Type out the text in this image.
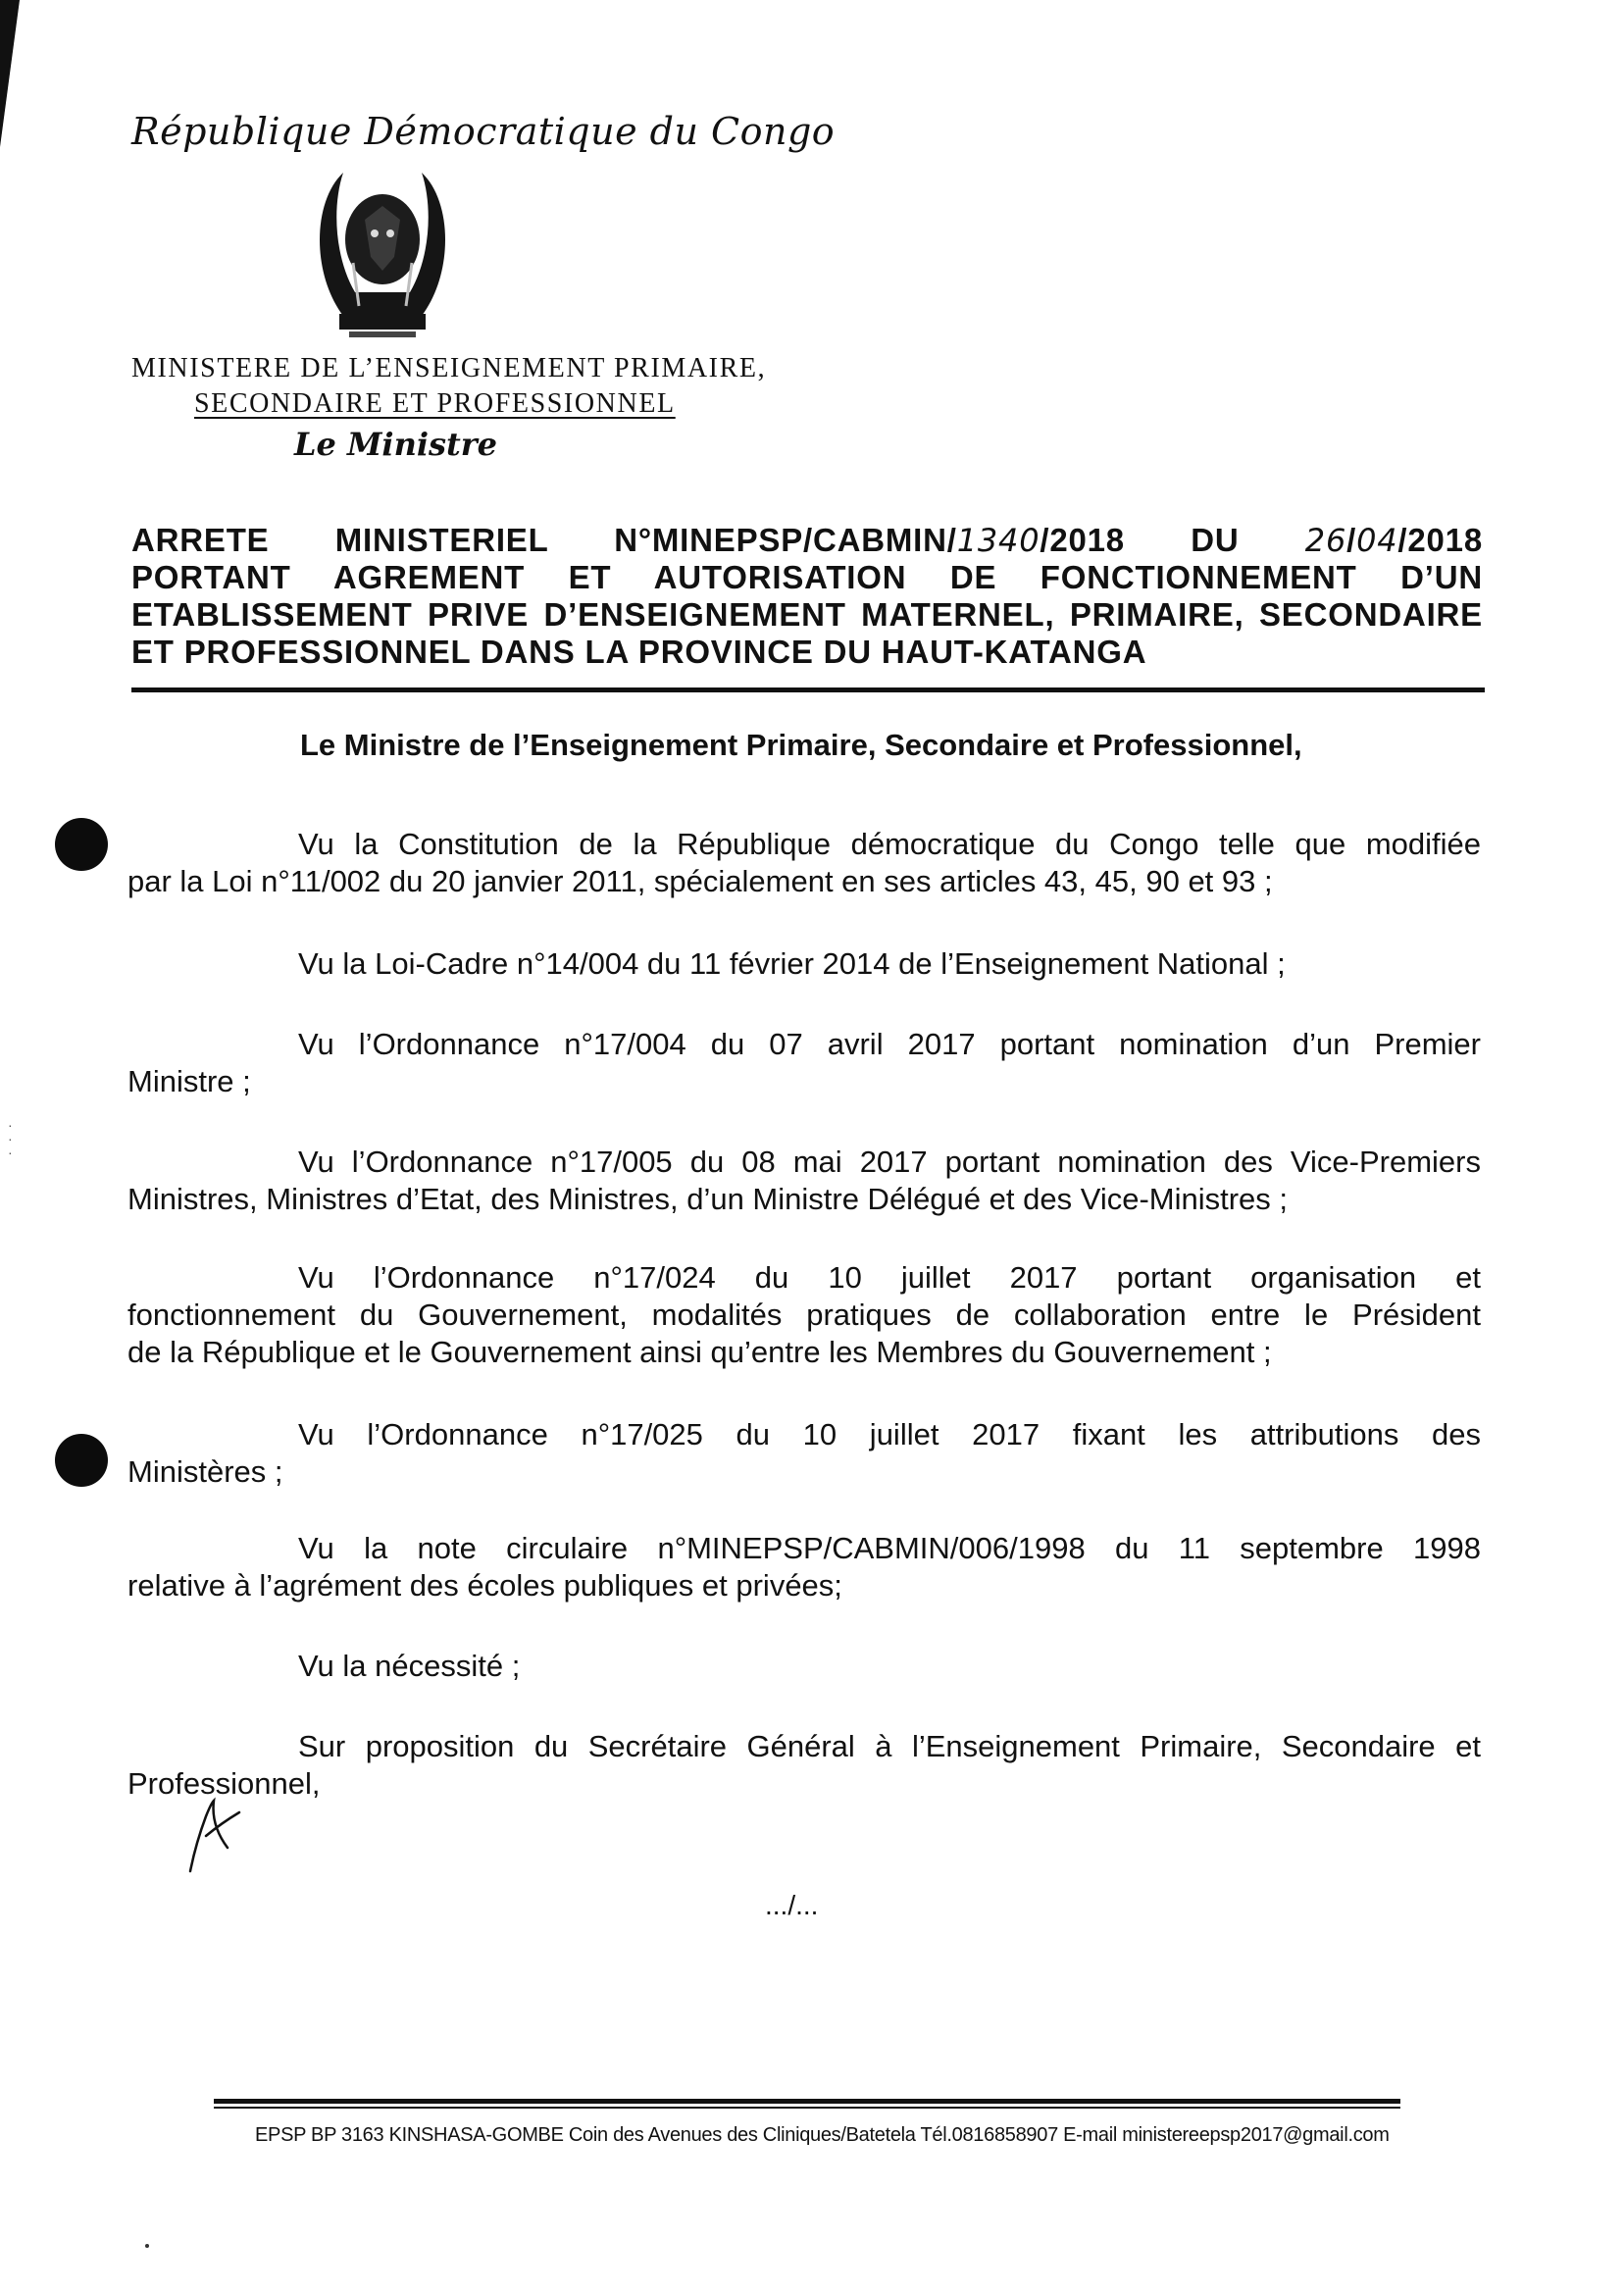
·
·
·
République Démocratique du Congo
MINISTERE DE L’ENSEIGNEMENT PRIMAIRE,
SECONDAIRE ET PROFESSIONNEL
Le Ministre
ARRETE MINISTERIEL N°MINEPSP/CABMIN/1340/2018 DU 26/04/2018
PORTANT AGREMENT ET AUTORISATION DE FONCTIONNEMENT D’UN
ETABLISSEMENT PRIVE D’ENSEIGNEMENT MATERNEL, PRIMAIRE, SECONDAIRE
ET PROFESSIONNEL DANS LA PROVINCE DU HAUT-KATANGA
Le Ministre de l’Enseignement Primaire, Secondaire et Professionnel,
Vu la Constitution de la République démocratique du Congo telle que modifiée
par la Loi n°11/002 du 20 janvier 2011, spécialement en ses articles 43, 45, 90 et 93 ;
Vu la Loi-Cadre n°14/004 du 11 février 2014 de l’Enseignement National ;
Vu l’Ordonnance n°17/004 du 07 avril 2017 portant nomination d’un Premier
Ministre ;
Vu l’Ordonnance n°17/005 du 08 mai 2017 portant nomination des Vice-Premiers
Ministres, Ministres d’Etat, des Ministres, d’un Ministre Délégué et des Vice-Ministres ;
Vu l’Ordonnance n°17/024 du 10 juillet 2017 portant organisation et
fonctionnement du Gouvernement, modalités pratiques de collaboration entre le Président
de la République et le Gouvernement ainsi qu’entre les Membres du Gouvernement ;
Vu l’Ordonnance n°17/025 du 10 juillet 2017 fixant les attributions des
Ministères ;
Vu la note circulaire n°MINEPSP/CABMIN/006/1998 du 11 septembre 1998
relative à l’agrément des écoles publiques et privées;
Vu la nécessité ;
Sur proposition du Secrétaire Général à l’Enseignement Primaire, Secondaire et
Professionnel,
.../...
EPSP BP 3163 KINSHASA-GOMBE Coin des Avenues des Cliniques/Batetela Tél.0816858907 E-mail ministereepsp2017@gmail.com
